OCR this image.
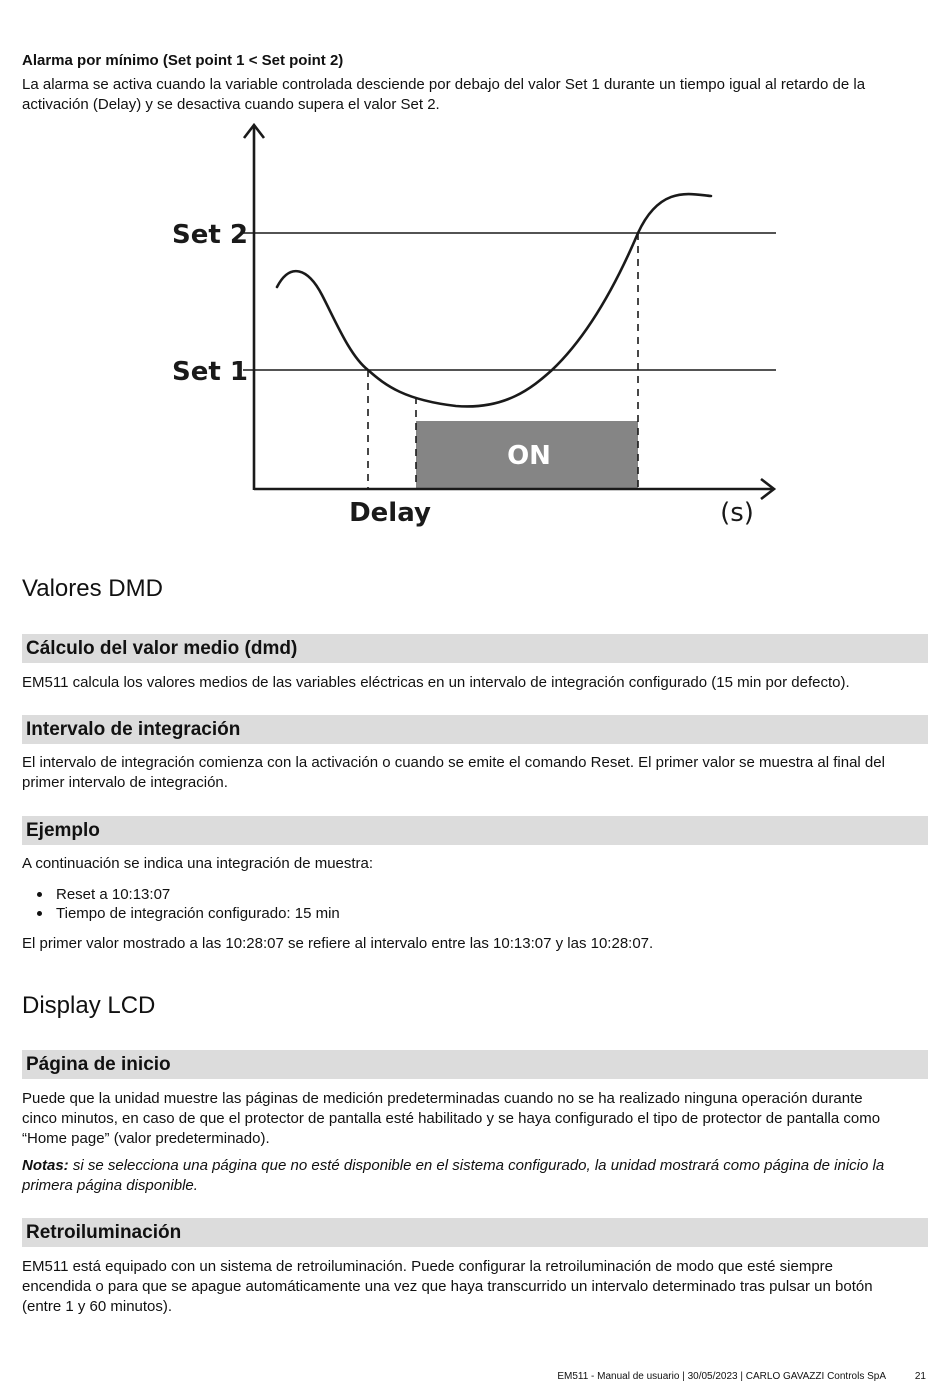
Alarma por mínimo (Set point 1 < Set point 2)

La alarma se activa cuando la variable controlada desciende por debajo del valor Set 1 durante un tiempo igual al retardo de la

activación (Delay) y se desactiva cuando supera el valor Set 2.

ON
Set 2
Set 1
Delay	(s)
Valores DMD
Cálculo del valor medio (dmd)

EM511 calcula los valores medios de las variables eléctricas en un intervalo de integración configurado (15 min por defecto).

Intervalo de integración

El intervalo de integración comienza con la activación o cuando se emite el comando Reset. El primer valor se muestra al final del

primer intervalo de integración.

Ejemplo

A continuación se indica una integración de muestra:

Reset a 10:13:07
Tiempo de integración configurado: 15 min

El primer valor mostrado a las 10:28:07 se refiere al intervalo entre las 10:13:07 y las 10:28:07.

Display LCD
Página de inicio

Puede que la unidad muestre las páginas de medición predeterminadas cuando no se ha realizado ninguna operación durante

cinco minutos, en caso de que el protector de pantalla esté habilitado y se haya configurado el tipo de protector de pantalla como

“Home page” (valor predeterminado).

Notas: si se selecciona una página que no esté disponible en el sistema configurado, la unidad mostrará como página de inicio la

primera página disponible.

Retroiluminación

EM511 está equipado con un sistema de retroiluminación. Puede configurar la retroiluminación de modo que esté siempre

encendida o para que se apague automáticamente una vez que haya transcurrido un intervalo determinado tras pulsar un botón

(entre 1 y 60 minutos).

EM511 - Manual de usuario | 30/05/2023 | CARLO GAVAZZI Controls SpA	21
